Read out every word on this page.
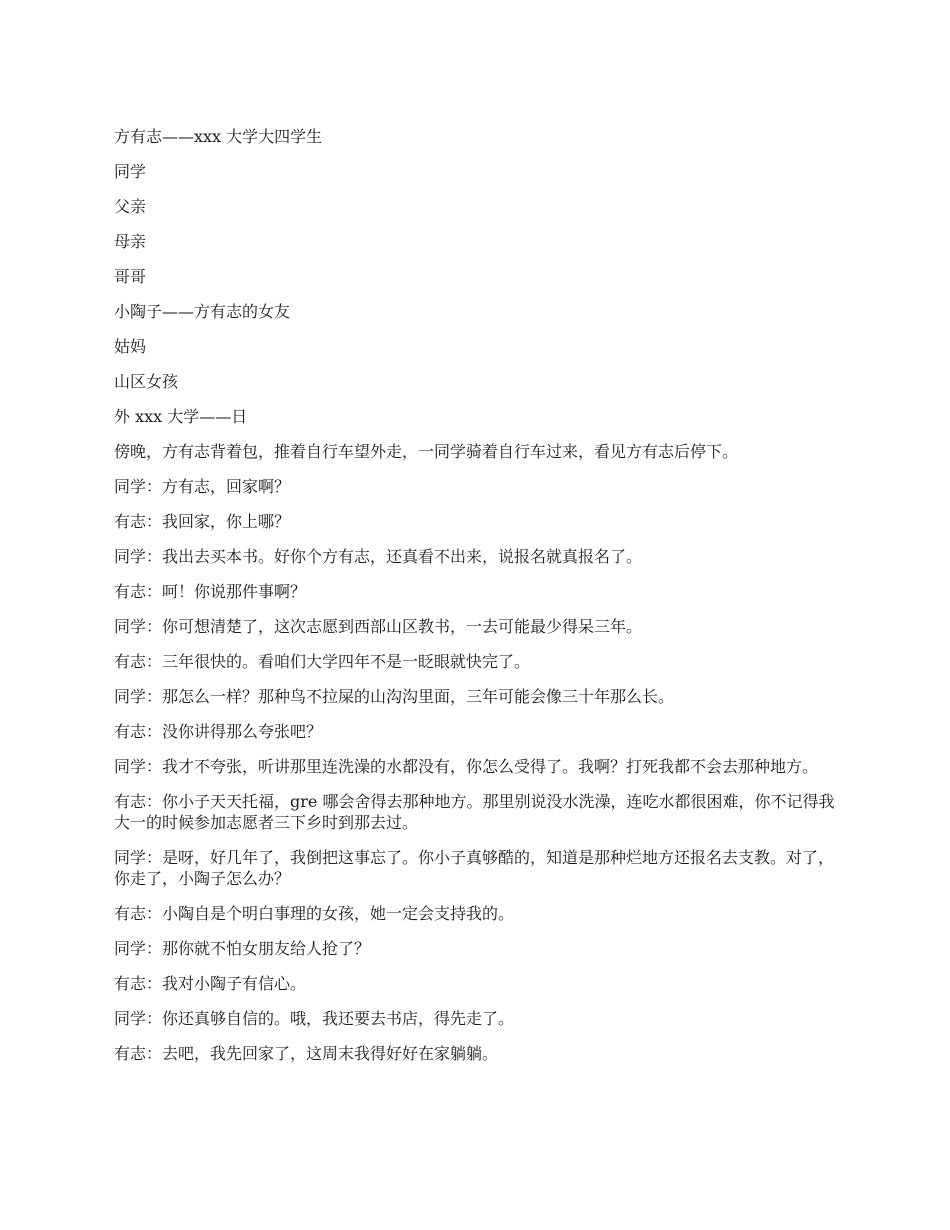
方有志——xxx 大学大四学生

同学

父亲

母亲

哥哥

小陶子——方有志的女友

姑妈

山区女孩

外 xxx 大学——日

傍晚，方有志背着包，推着自行车望外走，一同学骑着自行车过来，看见方有志后停下。

同学：方有志，回家啊？

有志：我回家，你上哪？

同学：我出去买本书。好你个方有志，还真看不出来，说报名就真报名了。

有志：呵！你说那件事啊？

同学：你可想清楚了，这次志愿到西部山区教书，一去可能最少得呆三年。

有志：三年很快的。看咱们大学四年不是一眨眼就快完了。

同学：那怎么一样？那种鸟不拉屎的山沟沟里面，三年可能会像三十年那么长。

有志：没你讲得那么夸张吧？

同学：我才不夸张，听讲那里连洗澡的水都没有，你怎么受得了。我啊？打死我都不会去那种地方。

有志：你小子天天托福，gre 哪会舍得去那种地方。那里别说没水洗澡，连吃水都很困难，你不记得我大一的时候参加志愿者三下乡时到那去过。

同学：是呀，好几年了，我倒把这事忘了。你小子真够酷的，知道是那种烂地方还报名去支教。对了，你走了，小陶子怎么办？

有志：小陶自是个明白事理的女孩，她一定会支持我的。

同学：那你就不怕女朋友给人抢了？

有志：我对小陶子有信心。

同学：你还真够自信的。哦，我还要去书店，得先走了。

有志：去吧，我先回家了，这周末我得好好在家躺躺。
